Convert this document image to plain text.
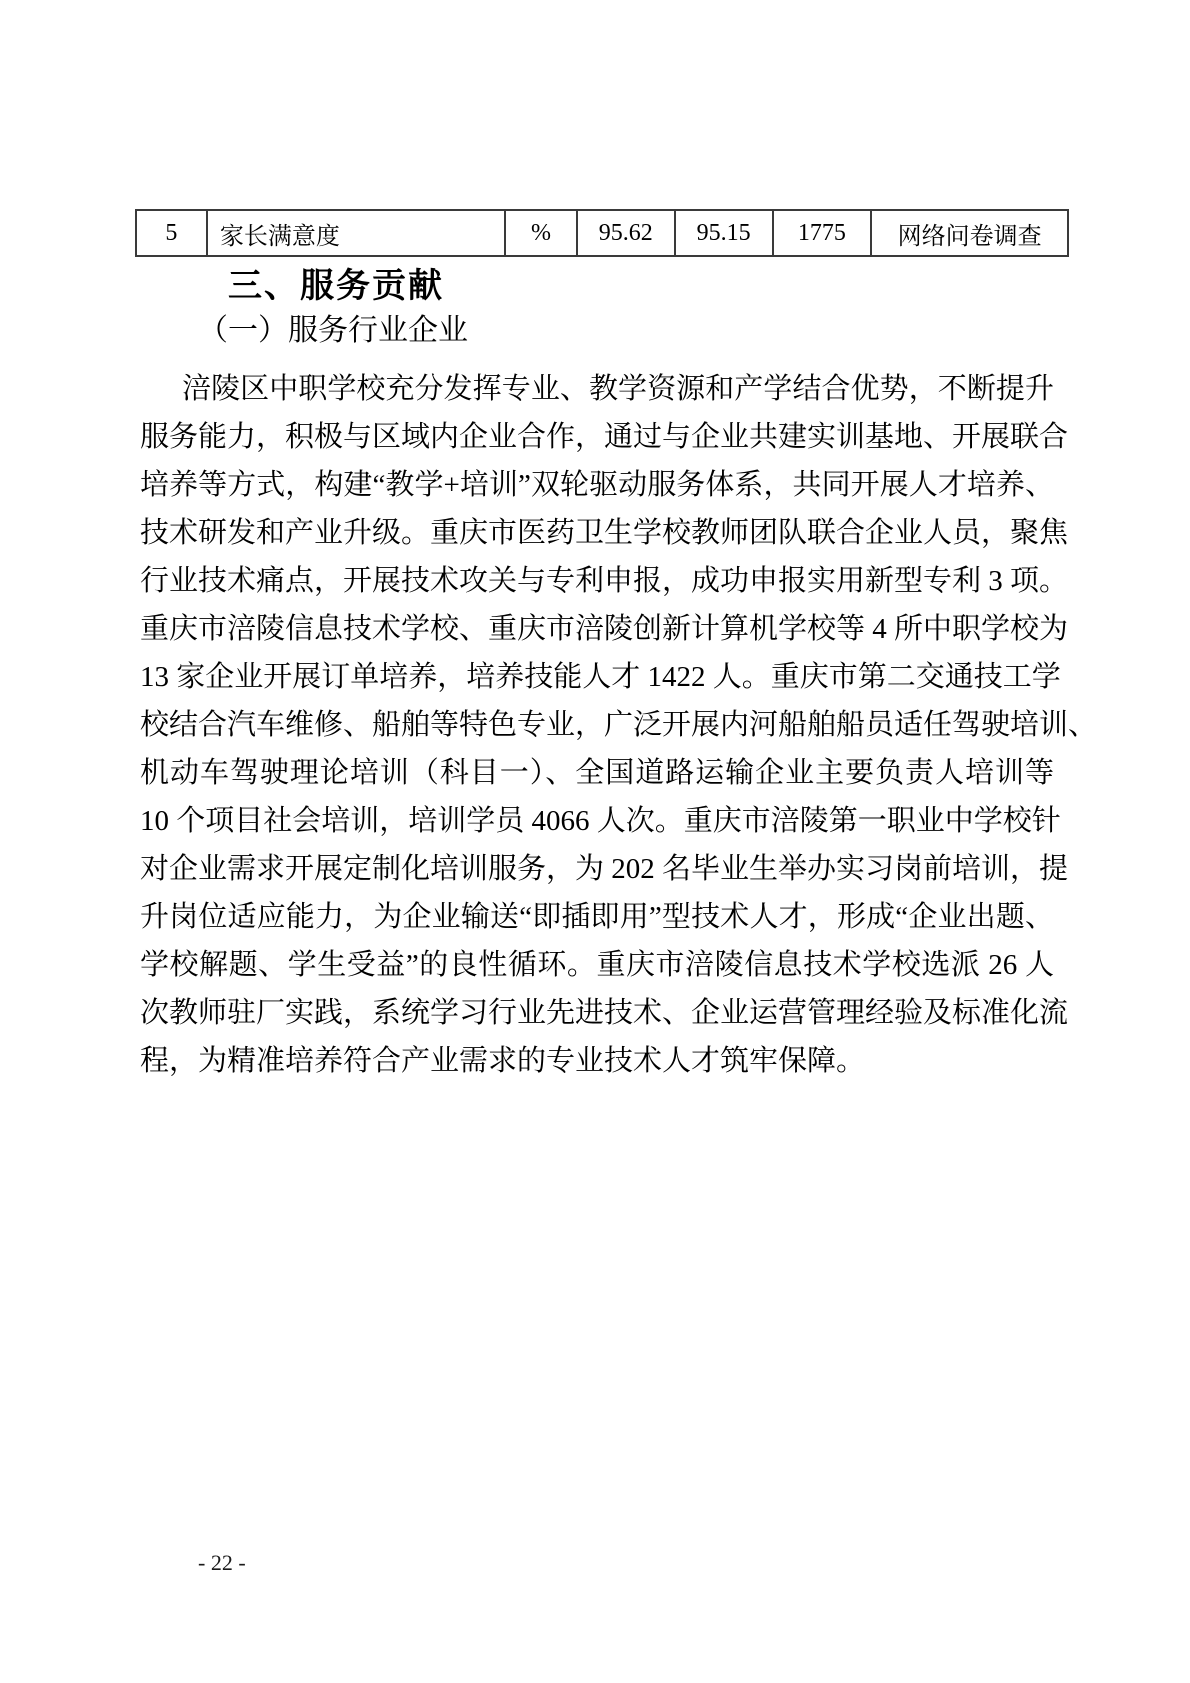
5	家长满意度	%	95.62	95.15	1775	网络问卷调查
三、服务贡献
（一）服务行业企业
涪陵区中职学校充分发挥专业、教学资源和产学结合优势，不断提升
服务能力，积极与区域内企业合作，通过与企业共建实训基地、开展联合
培养等方式，构建“教学+培训”双轮驱动服务体系，共同开展人才培养、
技术研发和产业升级。重庆市医药卫生学校教师团队联合企业人员，聚焦
行业技术痛点，开展技术攻关与专利申报，成功申报实用新型专利 3 项。
重庆市涪陵信息技术学校、重庆市涪陵创新计算机学校等 4 所中职学校为
13 家企业开展订单培养，培养技能人才 1422 人。重庆市第二交通技工学
校结合汽车维修、船舶等特色专业，广泛开展内河船舶船员适任驾驶培训、
机动车驾驶理论培训（科目一）、全国道路运输企业主要负责人培训等
10 个项目社会培训，培训学员 4066 人次。重庆市涪陵第一职业中学校针
对企业需求开展定制化培训服务，为 202 名毕业生举办实习岗前培训，提
升岗位适应能力，为企业输送“即插即用”型技术人才，形成“企业出题、
学校解题、学生受益”的良性循环。重庆市涪陵信息技术学校选派 26 人
次教师驻厂实践，系统学习行业先进技术、企业运营管理经验及标准化流
程，为精准培养符合产业需求的专业技术人才筑牢保障。
- 22 -
